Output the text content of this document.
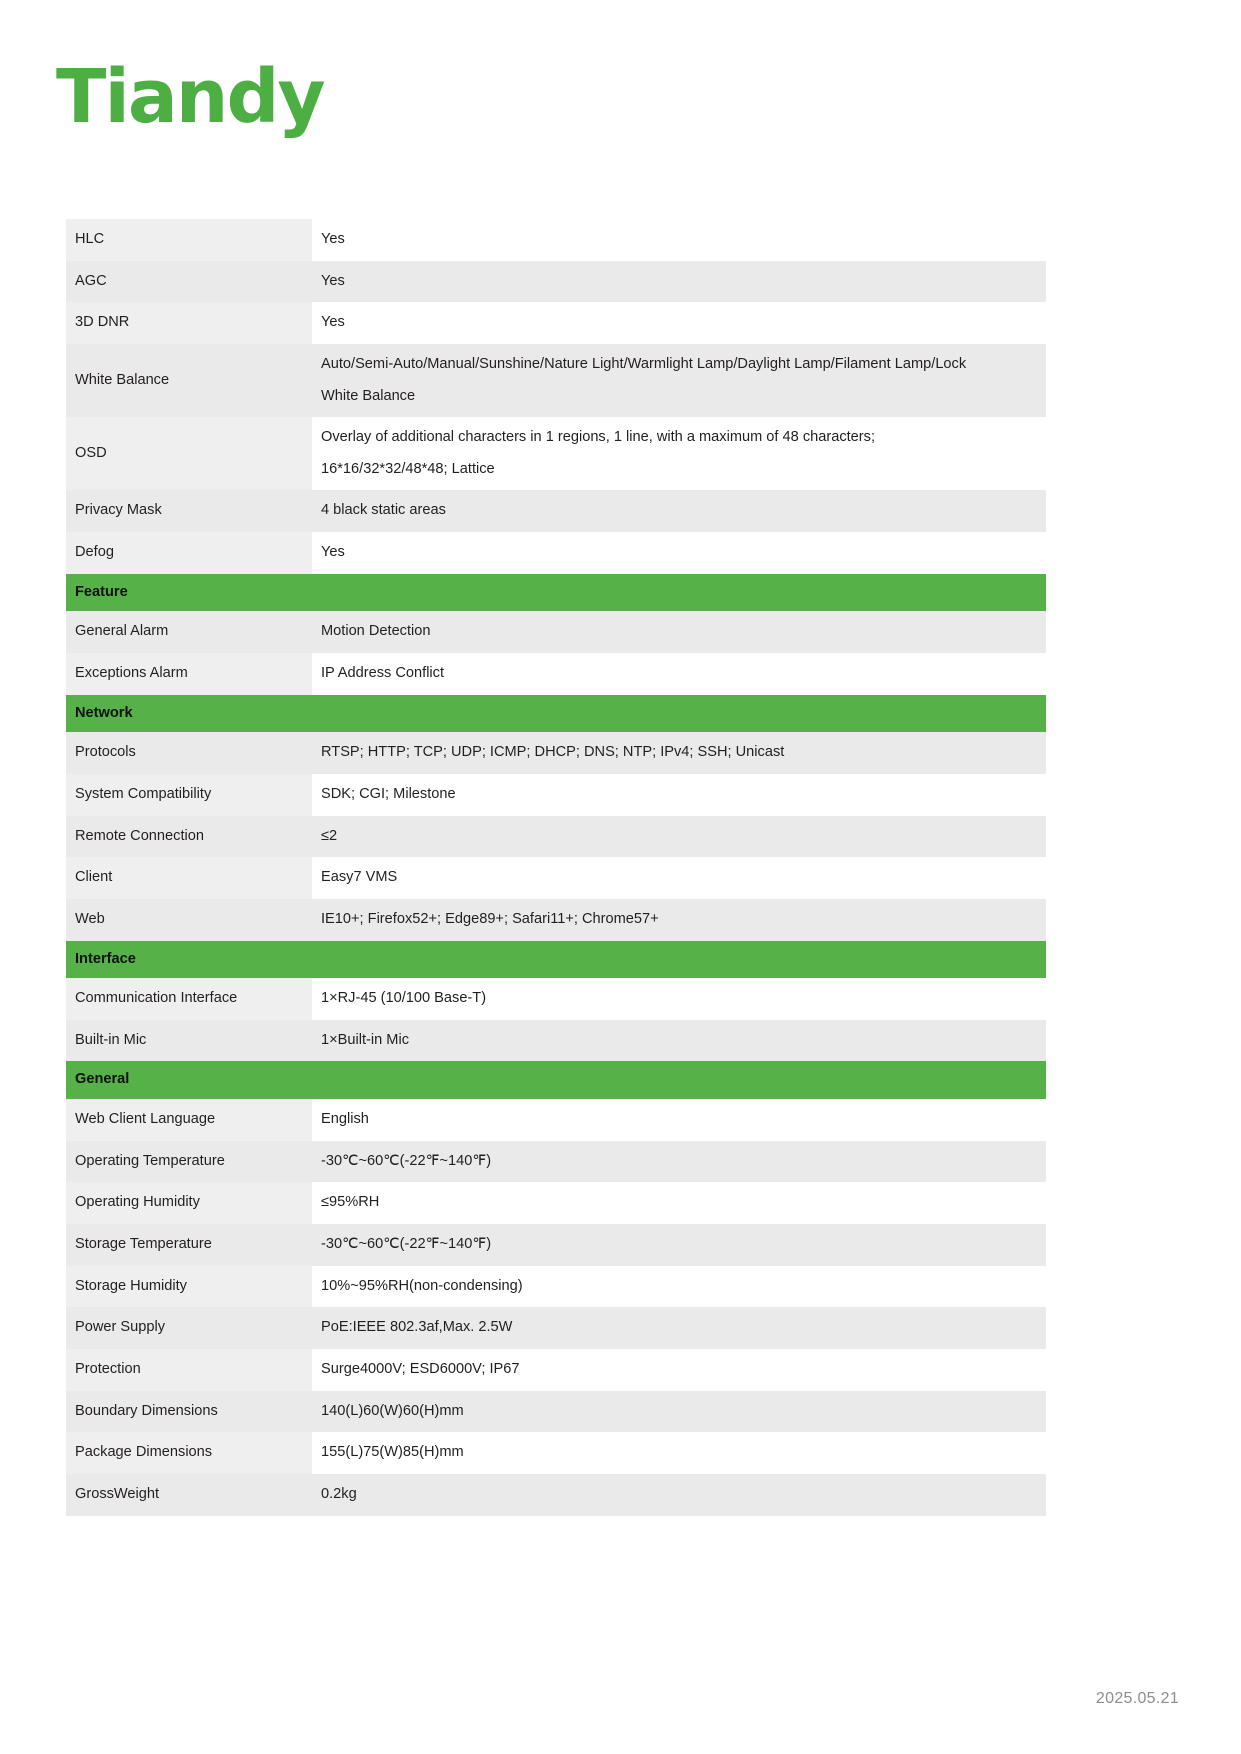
Tiandy
HLC	Yes

AGC	Yes

3D DNR	Yes

White Balance	Auto/Semi-Auto/Manual/Sunshine/Nature Light/Warmlight Lamp/Daylight Lamp/Filament Lamp/Lock
White Balance

OSD	Overlay of additional characters in 1 regions, 1 line, with a maximum of 48 characters;
16*16/32*32/48*48; Lattice

Privacy Mask	4 black static areas

Defog	Yes

Feature	
General Alarm	Motion Detection

Exceptions Alarm	IP Address Conflict

Network	
Protocols	RTSP; HTTP; TCP; UDP; ICMP; DHCP; DNS; NTP; IPv4; SSH; Unicast

System Compatibility	SDK; CGI; Milestone

Remote Connection	≤2

Client	Easy7 VMS

Web	IE10+; Firefox52+; Edge89+; Safari11+; Chrome57+

Interface	
Communication Interface	1×RJ-45 (10/100 Base-T)

Built-in Mic	1×Built-in Mic

General	
Web Client Language	English

Operating Temperature	-30℃~60℃(-22℉~140℉)

Operating Humidity	≤95%RH

Storage Temperature	-30℃~60℃(-22℉~140℉)

Storage Humidity	10%~95%RH(non-condensing)

Power Supply	PoE:IEEE 802.3af,Max. 2.5W

Protection	Surge4000V; ESD6000V; IP67

Boundary Dimensions	140(L)60(W)60(H)mm

Package Dimensions	155(L)75(W)85(H)mm

GrossWeight	0.2kg
2025.05.21
